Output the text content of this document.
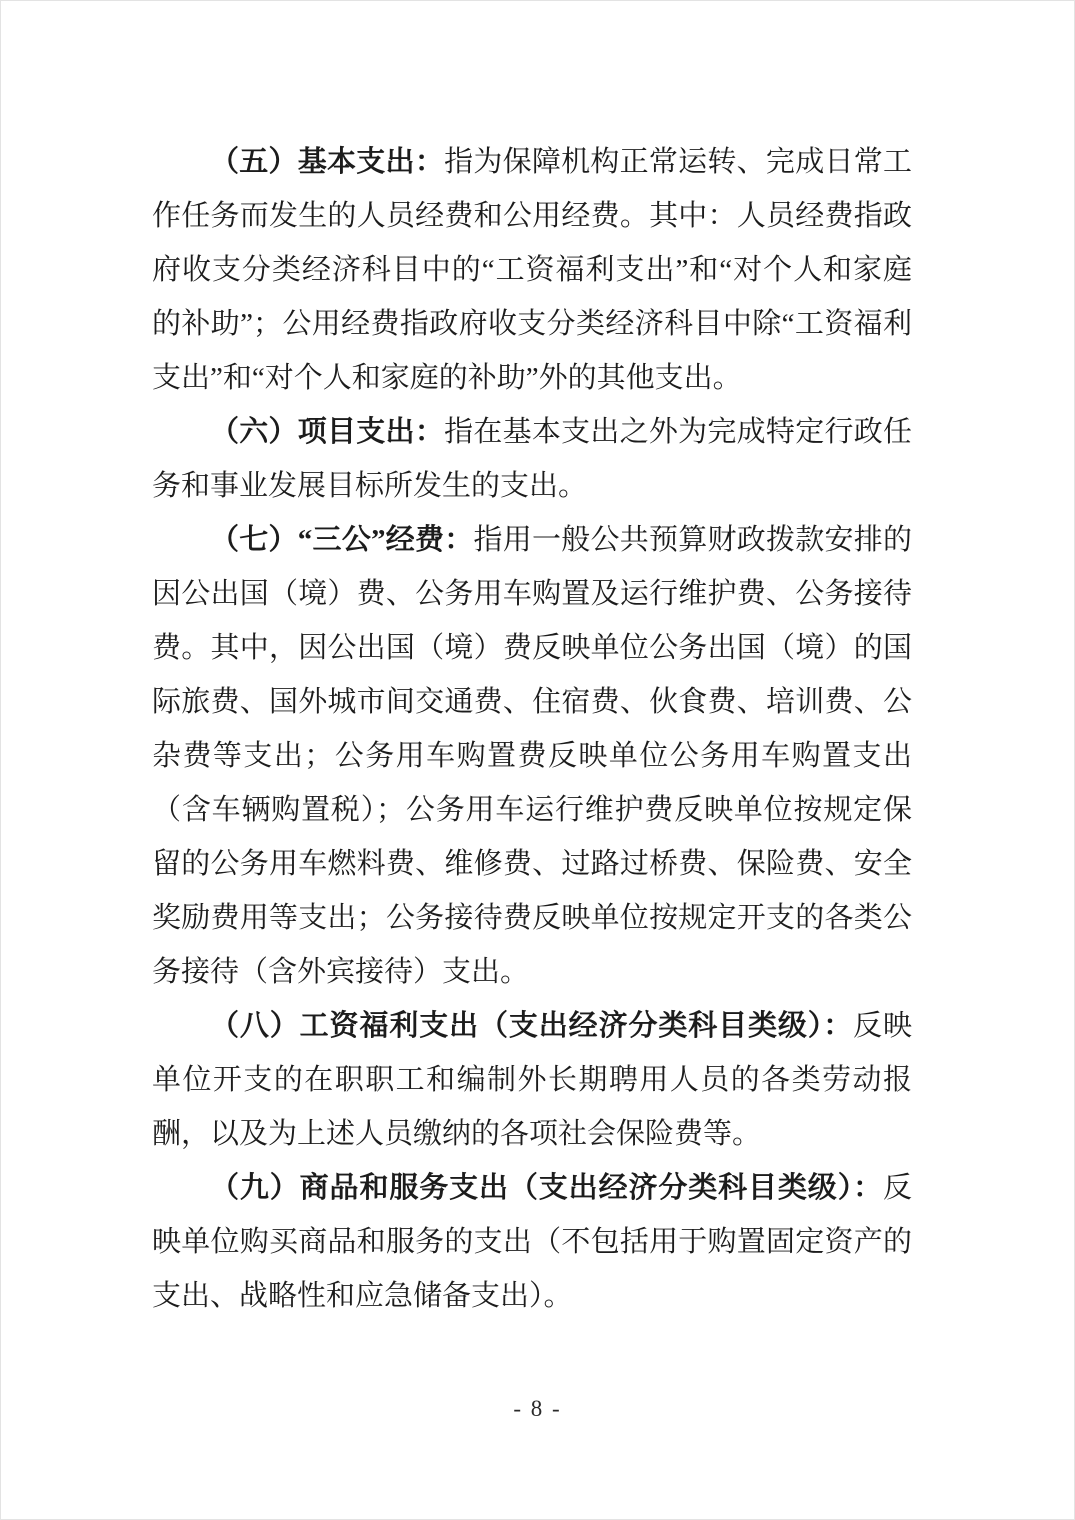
（五）基本支出：指为保障机构正常运转、完成日常工作任务而发生的人员经费和公用经费。其中：人员经费指政府收支分类经济科目中的“工资福利支出”和“对个人和家庭的补助”；公用经费指政府收支分类经济科目中除“工资福利支出”和“对个人和家庭的补助”外的其他支出。

（六）项目支出：指在基本支出之外为完成特定行政任务和事业发展目标所发生的支出。

（七）“三公”经费：指用一般公共预算财政拨款安排的因公出国（境）费、公务用车购置及运行维护费、公务接待费。其中，因公出国（境）费反映单位公务出国（境）的国际旅费、国外城市间交通费、住宿费、伙食费、培训费、公杂费等支出；公务用车购置费反映单位公务用车购置支出（含车辆购置税）；公务用车运行维护费反映单位按规定保留的公务用车燃料费、维修费、过路过桥费、保险费、安全奖励费用等支出；公务接待费反映单位按规定开支的各类公务接待（含外宾接待）支出。

（八）工资福利支出（支出经济分类科目类级）：反映单位开支的在职职工和编制外长期聘用人员的各类劳动报酬，以及为上述人员缴纳的各项社会保险费等。

（九）商品和服务支出（支出经济分类科目类级）：反映单位购买商品和服务的支出（不包括用于购置固定资产的支出、战略性和应急储备支出）。

- 8 -
